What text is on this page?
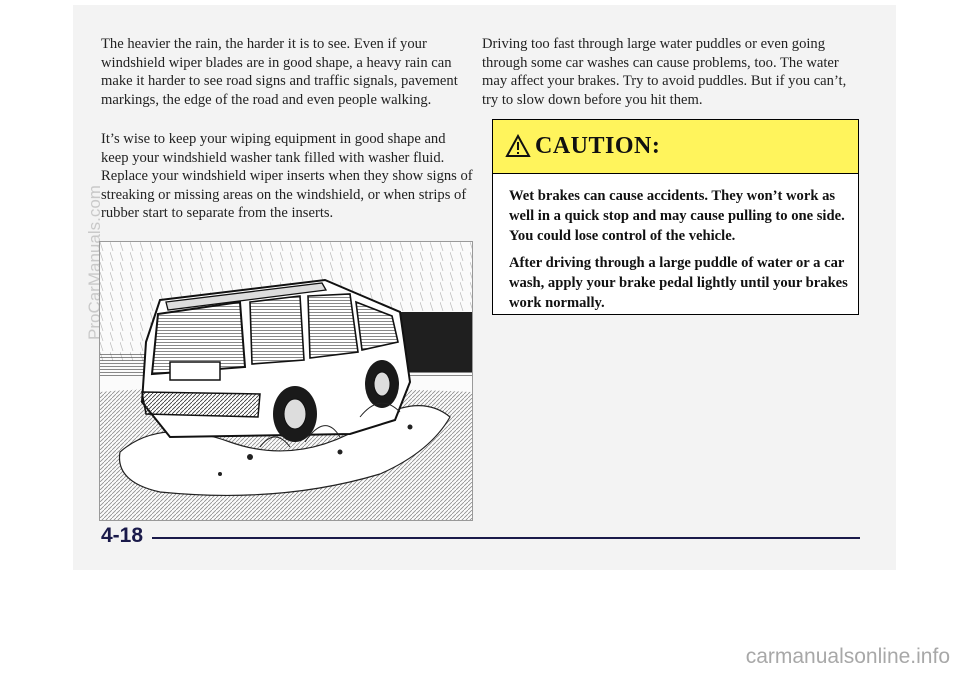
The heavier the rain, the harder it is to see. Even if your windshield wiper blades are in good shape, a heavy rain can make it harder to see road signs and traffic signals, pavement markings, the edge of the road and even people walking.

It’s wise to keep your wiping equipment in good shape and keep your windshield washer tank filled with washer fluid. Replace your windshield wiper inserts when they show signs of streaking or missing areas on the windshield, or when strips of rubber start to separate from the inserts.

Driving too fast through large water puddles or even going through some car washes can cause problems, too. The water may affect your brakes. Try to avoid puddles. But if you can’t, try to slow down before you hit them.

CAUTION:

Wet brakes can cause accidents. They won’t work as well in a quick stop and may cause pulling to one side. You could lose control of the vehicle.

After driving through a large puddle of water or a car wash, apply your brake pedal lightly until your brakes work normally.

4-18
ProCarManuals.com
carmanualsonline.info
